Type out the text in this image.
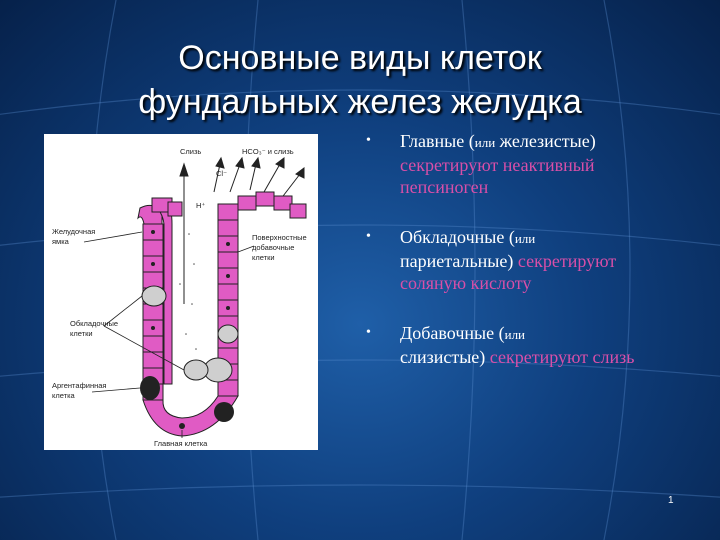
Основные виды клеток
фундальных желез желудка
Слизь	HCO₃⁻ и слизь
Cl⁻
H⁺
Желудочная
ямка	Поверхностные
добавочные
клетки
Обкладочные
клетки
Аргентафинная
клетка
Главная клетка
• Главные (или железистые) секретируют неактивный пепсиноген
• Обкладочные (или
париетальные) секретируют соляную кислоту
• Добавочные (или
слизистые) секретируют слизь
1
